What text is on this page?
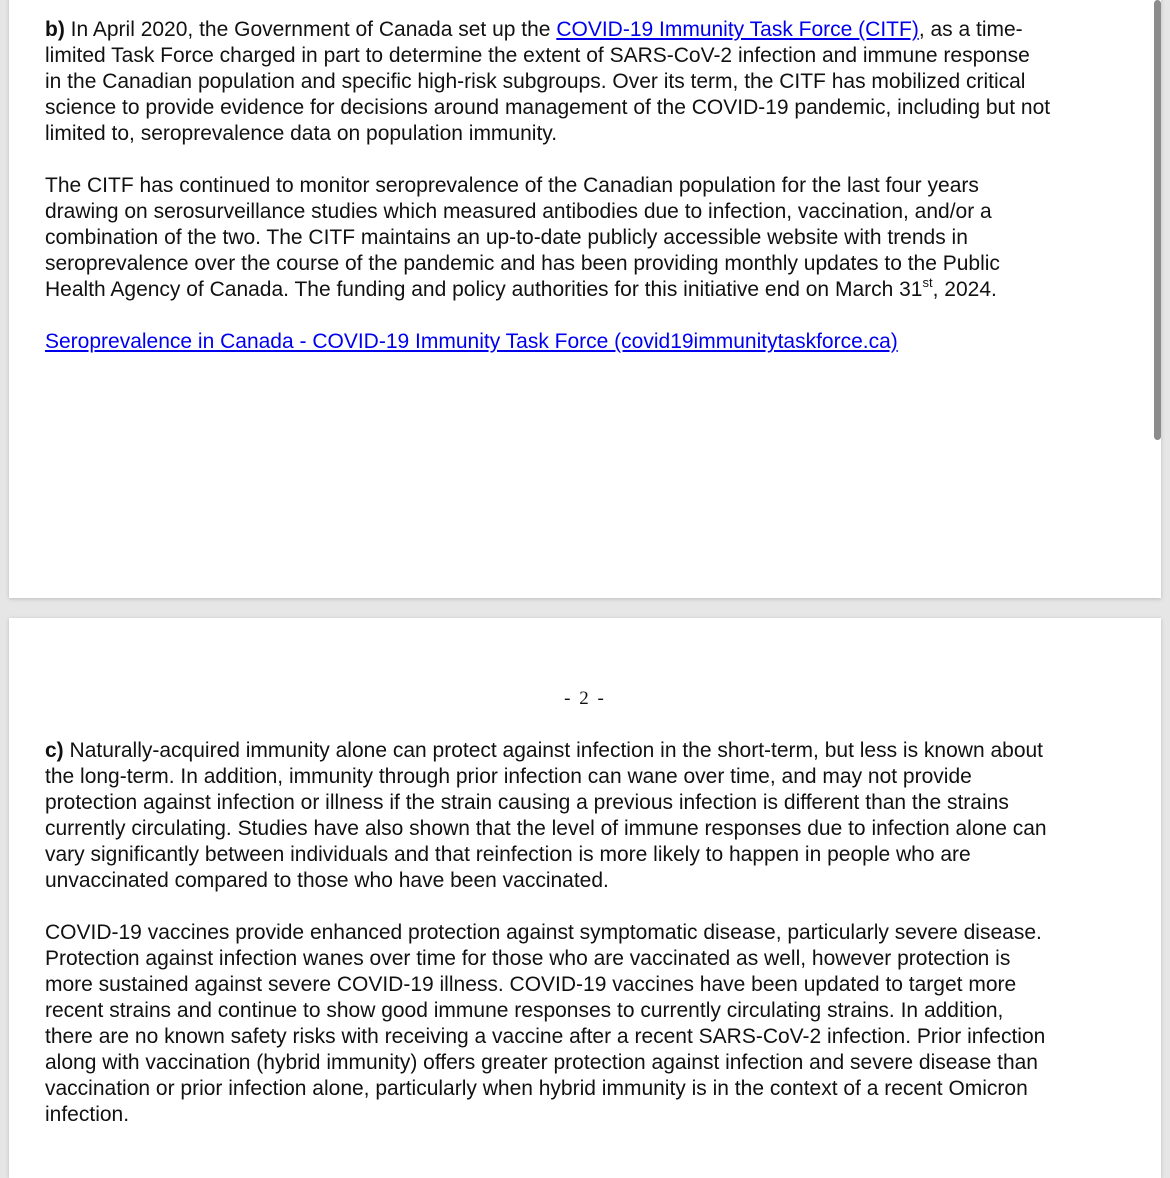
b) In April 2020, the Government of Canada set up the COVID-19 Immunity Task Force (CITF), as a time-
limited Task Force charged in part to determine the extent of SARS-CoV-2 infection and immune response
in the Canadian population and specific high-risk subgroups. Over its term, the CITF has mobilized critical
science to provide evidence for decisions around management of the COVID-19 pandemic, including but not
limited to, seroprevalence data on population immunity.
The CITF has continued to monitor seroprevalence of the Canadian population for the last four years
drawing on serosurveillance studies which measured antibodies due to infection, vaccination, and/or a
combination of the two. The CITF maintains an up-to-date publicly accessible website with trends in
seroprevalence over the course of the pandemic and has been providing monthly updates to the Public
Health Agency of Canada. The funding and policy authorities for this initiative end on March 31st, 2024.
Seroprevalence in Canada - COVID-19 Immunity Task Force (covid19immunitytaskforce.ca)
- 2 -
c) Naturally-acquired immunity alone can protect against infection in the short-term, but less is known about
the long-term. In addition, immunity through prior infection can wane over time, and may not provide
protection against infection or illness if the strain causing a previous infection is different than the strains
currently circulating. Studies have also shown that the level of immune responses due to infection alone can
vary significantly between individuals and that reinfection is more likely to happen in people who are
unvaccinated compared to those who have been vaccinated.
COVID-19 vaccines provide enhanced protection against symptomatic disease, particularly severe disease.
Protection against infection wanes over time for those who are vaccinated as well, however protection is
more sustained against severe COVID-19 illness. COVID-19 vaccines have been updated to target more
recent strains and continue to show good immune responses to currently circulating strains. In addition,
there are no known safety risks with receiving a vaccine after a recent SARS-CoV-2 infection. Prior infection
along with vaccination (hybrid immunity) offers greater protection against infection and severe disease than
vaccination or prior infection alone, particularly when hybrid immunity is in the context of a recent Omicron
infection.
